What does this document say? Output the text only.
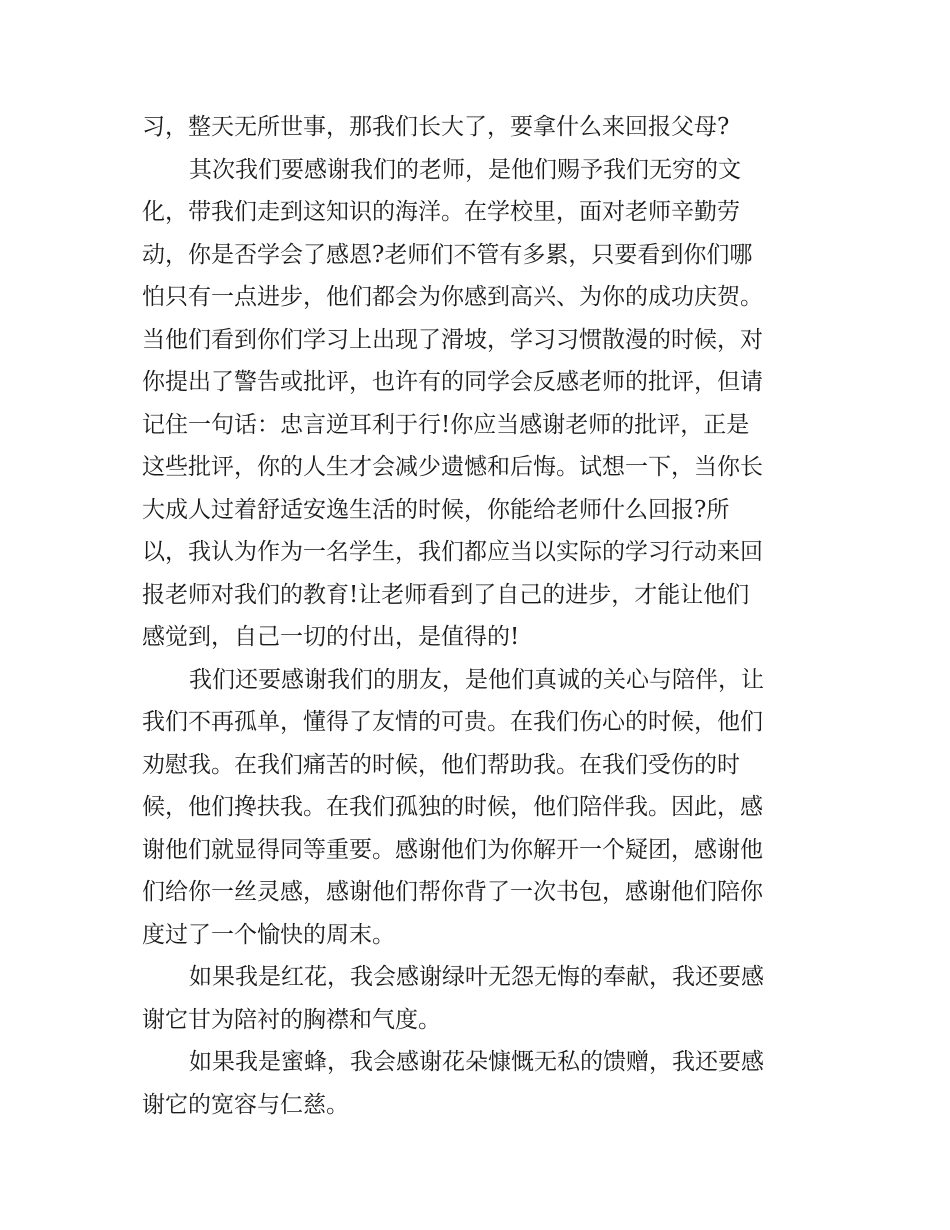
习，整天无所世事，那我们长大了，要拿什么来回报父母?
其次我们要感谢我们的老师，是他们赐予我们无穷的文
化，带我们走到这知识的海洋。在学校里，面对老师辛勤劳
动，你是否学会了感恩?老师们不管有多累，只要看到你们哪
怕只有一点进步，他们都会为你感到高兴、为你的成功庆贺。
当他们看到你们学习上出现了滑坡，学习习惯散漫的时候，对
你提出了警告或批评，也许有的同学会反感老师的批评，但请
记住一句话：忠言逆耳利于行!你应当感谢老师的批评，正是
这些批评，你的人生才会减少遗憾和后悔。试想一下，当你长
大成人过着舒适安逸生活的时候，你能给老师什么回报?所
以，我认为作为一名学生，我们都应当以实际的学习行动来回
报老师对我们的教育!让老师看到了自己的进步，才能让他们
感觉到，自己一切的付出，是值得的!
我们还要感谢我们的朋友，是他们真诚的关心与陪伴，让
我们不再孤单，懂得了友情的可贵。在我们伤心的时候，他们
劝慰我。在我们痛苦的时候，他们帮助我。在我们受伤的时
候，他们搀扶我。在我们孤独的时候，他们陪伴我。因此，感
谢他们就显得同等重要。感谢他们为你解开一个疑团，感谢他
们给你一丝灵感，感谢他们帮你背了一次书包，感谢他们陪你
度过了一个愉快的周末。
如果我是红花，我会感谢绿叶无怨无悔的奉献，我还要感
谢它甘为陪衬的胸襟和气度。
如果我是蜜蜂，我会感谢花朵慷慨无私的馈赠，我还要感
谢它的宽容与仁慈。
